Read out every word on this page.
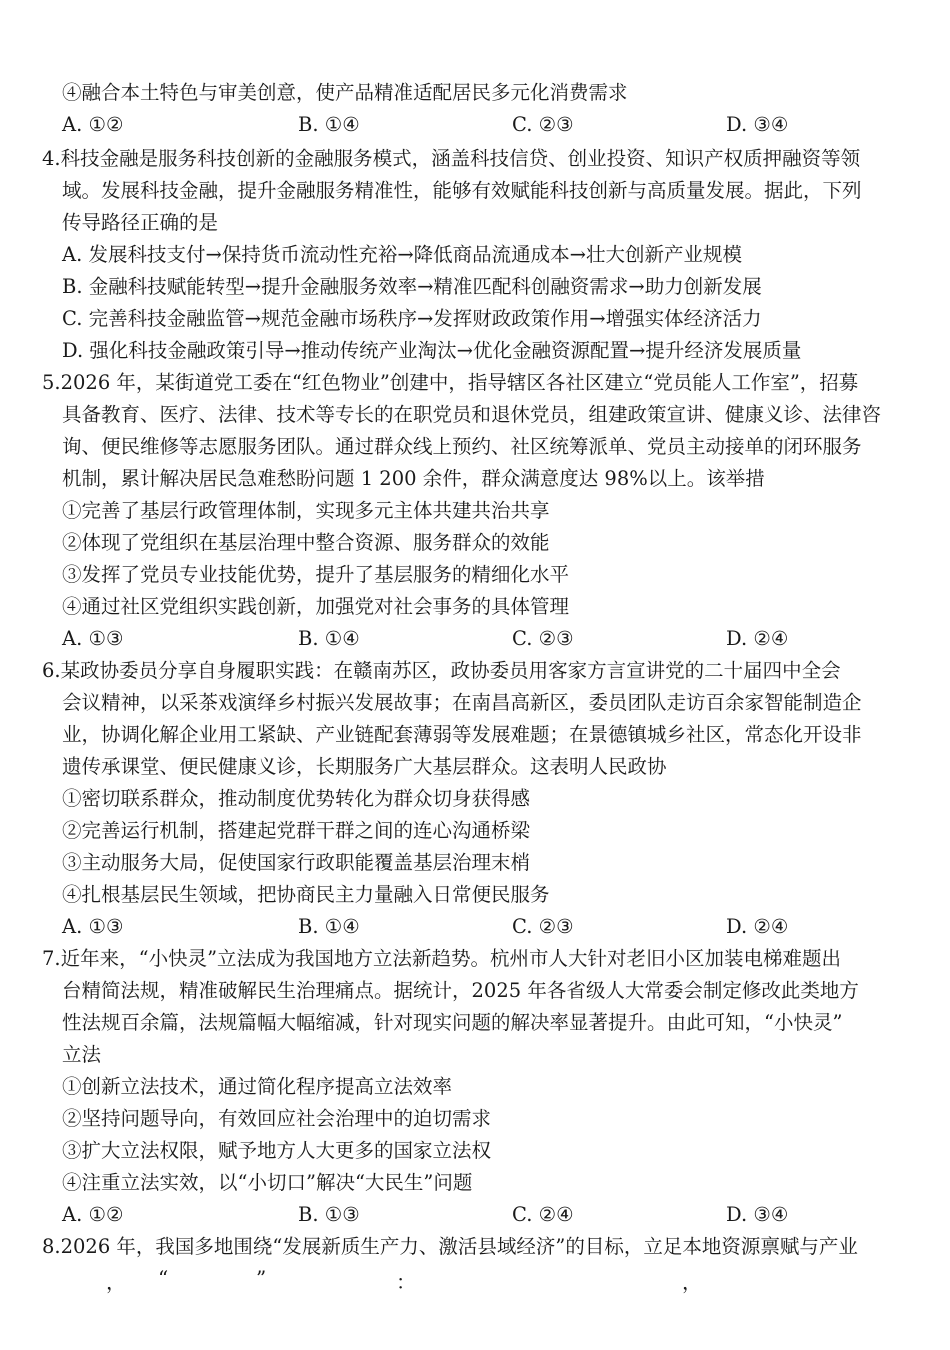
④融合本土特色与审美创意，使产品精准适配居民多元化消费需求
A. ①②	B. ①④	C. ②③	D. ③④
4.科技金融是服务科技创新的金融服务模式，涵盖科技信贷、创业投资、知识产权质押融资等领
域。发展科技金融，提升金融服务精准性，能够有效赋能科技创新与高质量发展。据此，下列
传导路径正确的是
A. 发展科技支付→保持货币流动性充裕→降低商品流通成本→壮大创新产业规模
B. 金融科技赋能转型→提升金融服务效率→精准匹配科创融资需求→助力创新发展
C. 完善科技金融监管→规范金融市场秩序→发挥财政政策作用→增强实体经济活力
D. 强化科技金融政策引导→推动传统产业淘汰→优化金融资源配置→提升经济发展质量
5.2026 年，某街道党工委在“红色物业”创建中，指导辖区各社区建立“党员能人工作室”，招募
具备教育、医疗、法律、技术等专长的在职党员和退休党员，组建政策宣讲、健康义诊、法律咨
询、便民维修等志愿服务团队。通过群众线上预约、社区统筹派单、党员主动接单的闭环服务
机制，累计解决居民急难愁盼问题 1 200 余件，群众满意度达 98%以上。该举措
①完善了基层行政管理体制，实现多元主体共建共治共享
②体现了党组织在基层治理中整合资源、服务群众的效能
③发挥了党员专业技能优势，提升了基层服务的精细化水平
④通过社区党组织实践创新，加强党对社会事务的具体管理
A. ①③	B. ①④	C. ②③	D. ②④
6.某政协委员分享自身履职实践：在赣南苏区，政协委员用客家方言宣讲党的二十届四中全会
会议精神，以采茶戏演绎乡村振兴发展故事；在南昌高新区，委员团队走访百余家智能制造企
业，协调化解企业用工紧缺、产业链配套薄弱等发展难题；在景德镇城乡社区，常态化开设非
遗传承课堂、便民健康义诊，长期服务广大基层群众。这表明人民政协
①密切联系群众，推动制度优势转化为群众切身获得感
②完善运行机制，搭建起党群干群之间的连心沟通桥梁
③主动服务大局，促使国家行政职能覆盖基层治理末梢
④扎根基层民生领域，把协商民主力量融入日常便民服务
A. ①③	B. ①④	C. ②③	D. ②④
7.近年来，“小快灵”立法成为我国地方立法新趋势。杭州市人大针对老旧小区加装电梯难题出
台精简法规，精准破解民生治理痛点。据统计，2025 年各省级人大常委会制定修改此类地方
性法规百余篇，法规篇幅大幅缩减，针对现实问题的解决率显著提升。由此可知，“小快灵”
立法
①创新立法技术，通过简化程序提高立法效率
②坚持问题导向，有效回应社会治理中的迫切需求
③扩大立法权限，赋予地方人大更多的国家立法权
④注重立法实效，以“小切口”解决“大民生”问题
A. ①②	B. ①③	C. ②④	D. ③④
8.2026 年，我国多地围绕“发展新质生产力、激活县域经济”的目标，立足本地资源禀赋与产业
， “	”	：	，
